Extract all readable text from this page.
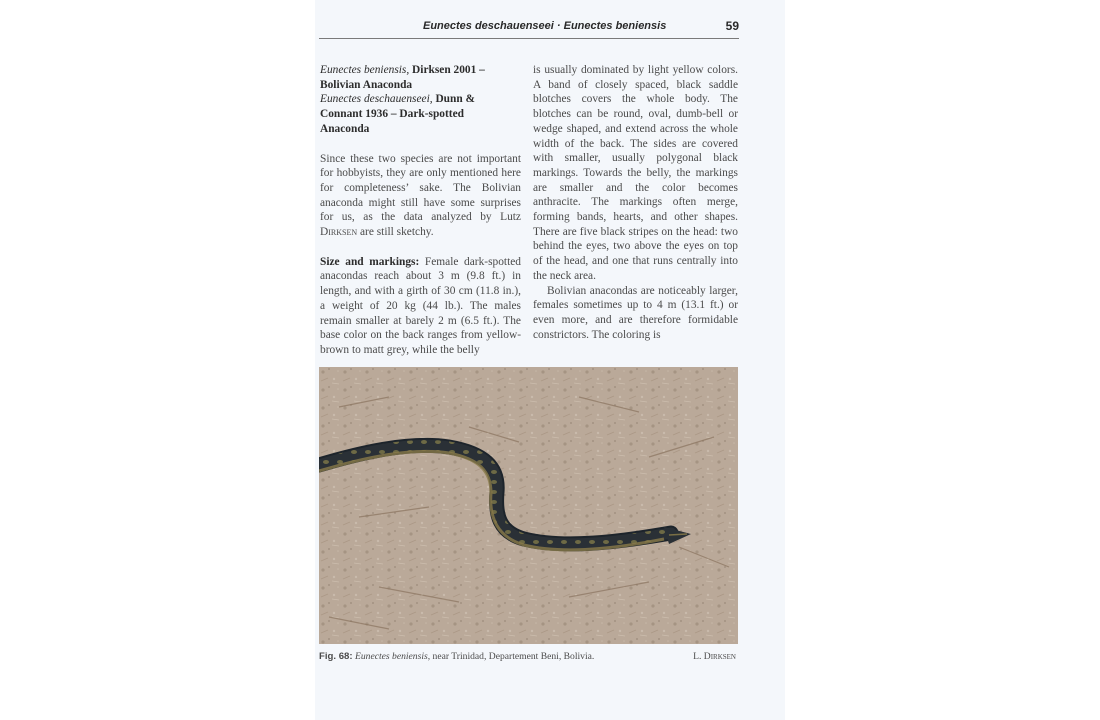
Eunectes deschauenseei · Eunectes beniensis	59
Eunectes beniensis, Dirksen 2001 –
Bolivian Anaconda
Eunectes deschauenseei, Dunn &
Connant 1936 – Dark-spotted
Anaconda

Since these two species are not important for hobbyists, they are only mentioned here for completeness’ sake. The Bolivian anaconda might still have some surprises for us, as the data analyzed by Lutz Dirksen are still sketchy.

Size and markings: Female dark-spotted anacondas reach about 3 m (9.8 ft.) in length, and with a girth of 30 cm (11.8 in.), a weight of 20 kg (44 lb.). The males remain smaller at barely 2 m (6.5 ft.). The base color on the back ranges from yellow-brown to matt grey, while the belly

is usually dominated by light yellow colors. A band of closely spaced, black saddle blotches covers the whole body. The blotches can be round, oval, dumb-bell or wedge shaped, and extend across the whole width of the back. The sides are covered with smaller, usually polygonal black markings. Towards the belly, the markings are smaller and the color becomes anthracite. The markings often merge, forming bands, hearts, and other shapes. There are five black stripes on the head: two behind the eyes, two above the eyes on top of the head, and one that runs centrally into the neck area.

Bolivian anacondas are noticeably larger, females sometimes up to 4 m (13.1 ft.) or even more, and are therefore formidable constrictors. The coloring is

Fig. 68: Eunectes beniensis, near Trinidad, Departement Beni, Bolivia.	L. Dirksen
